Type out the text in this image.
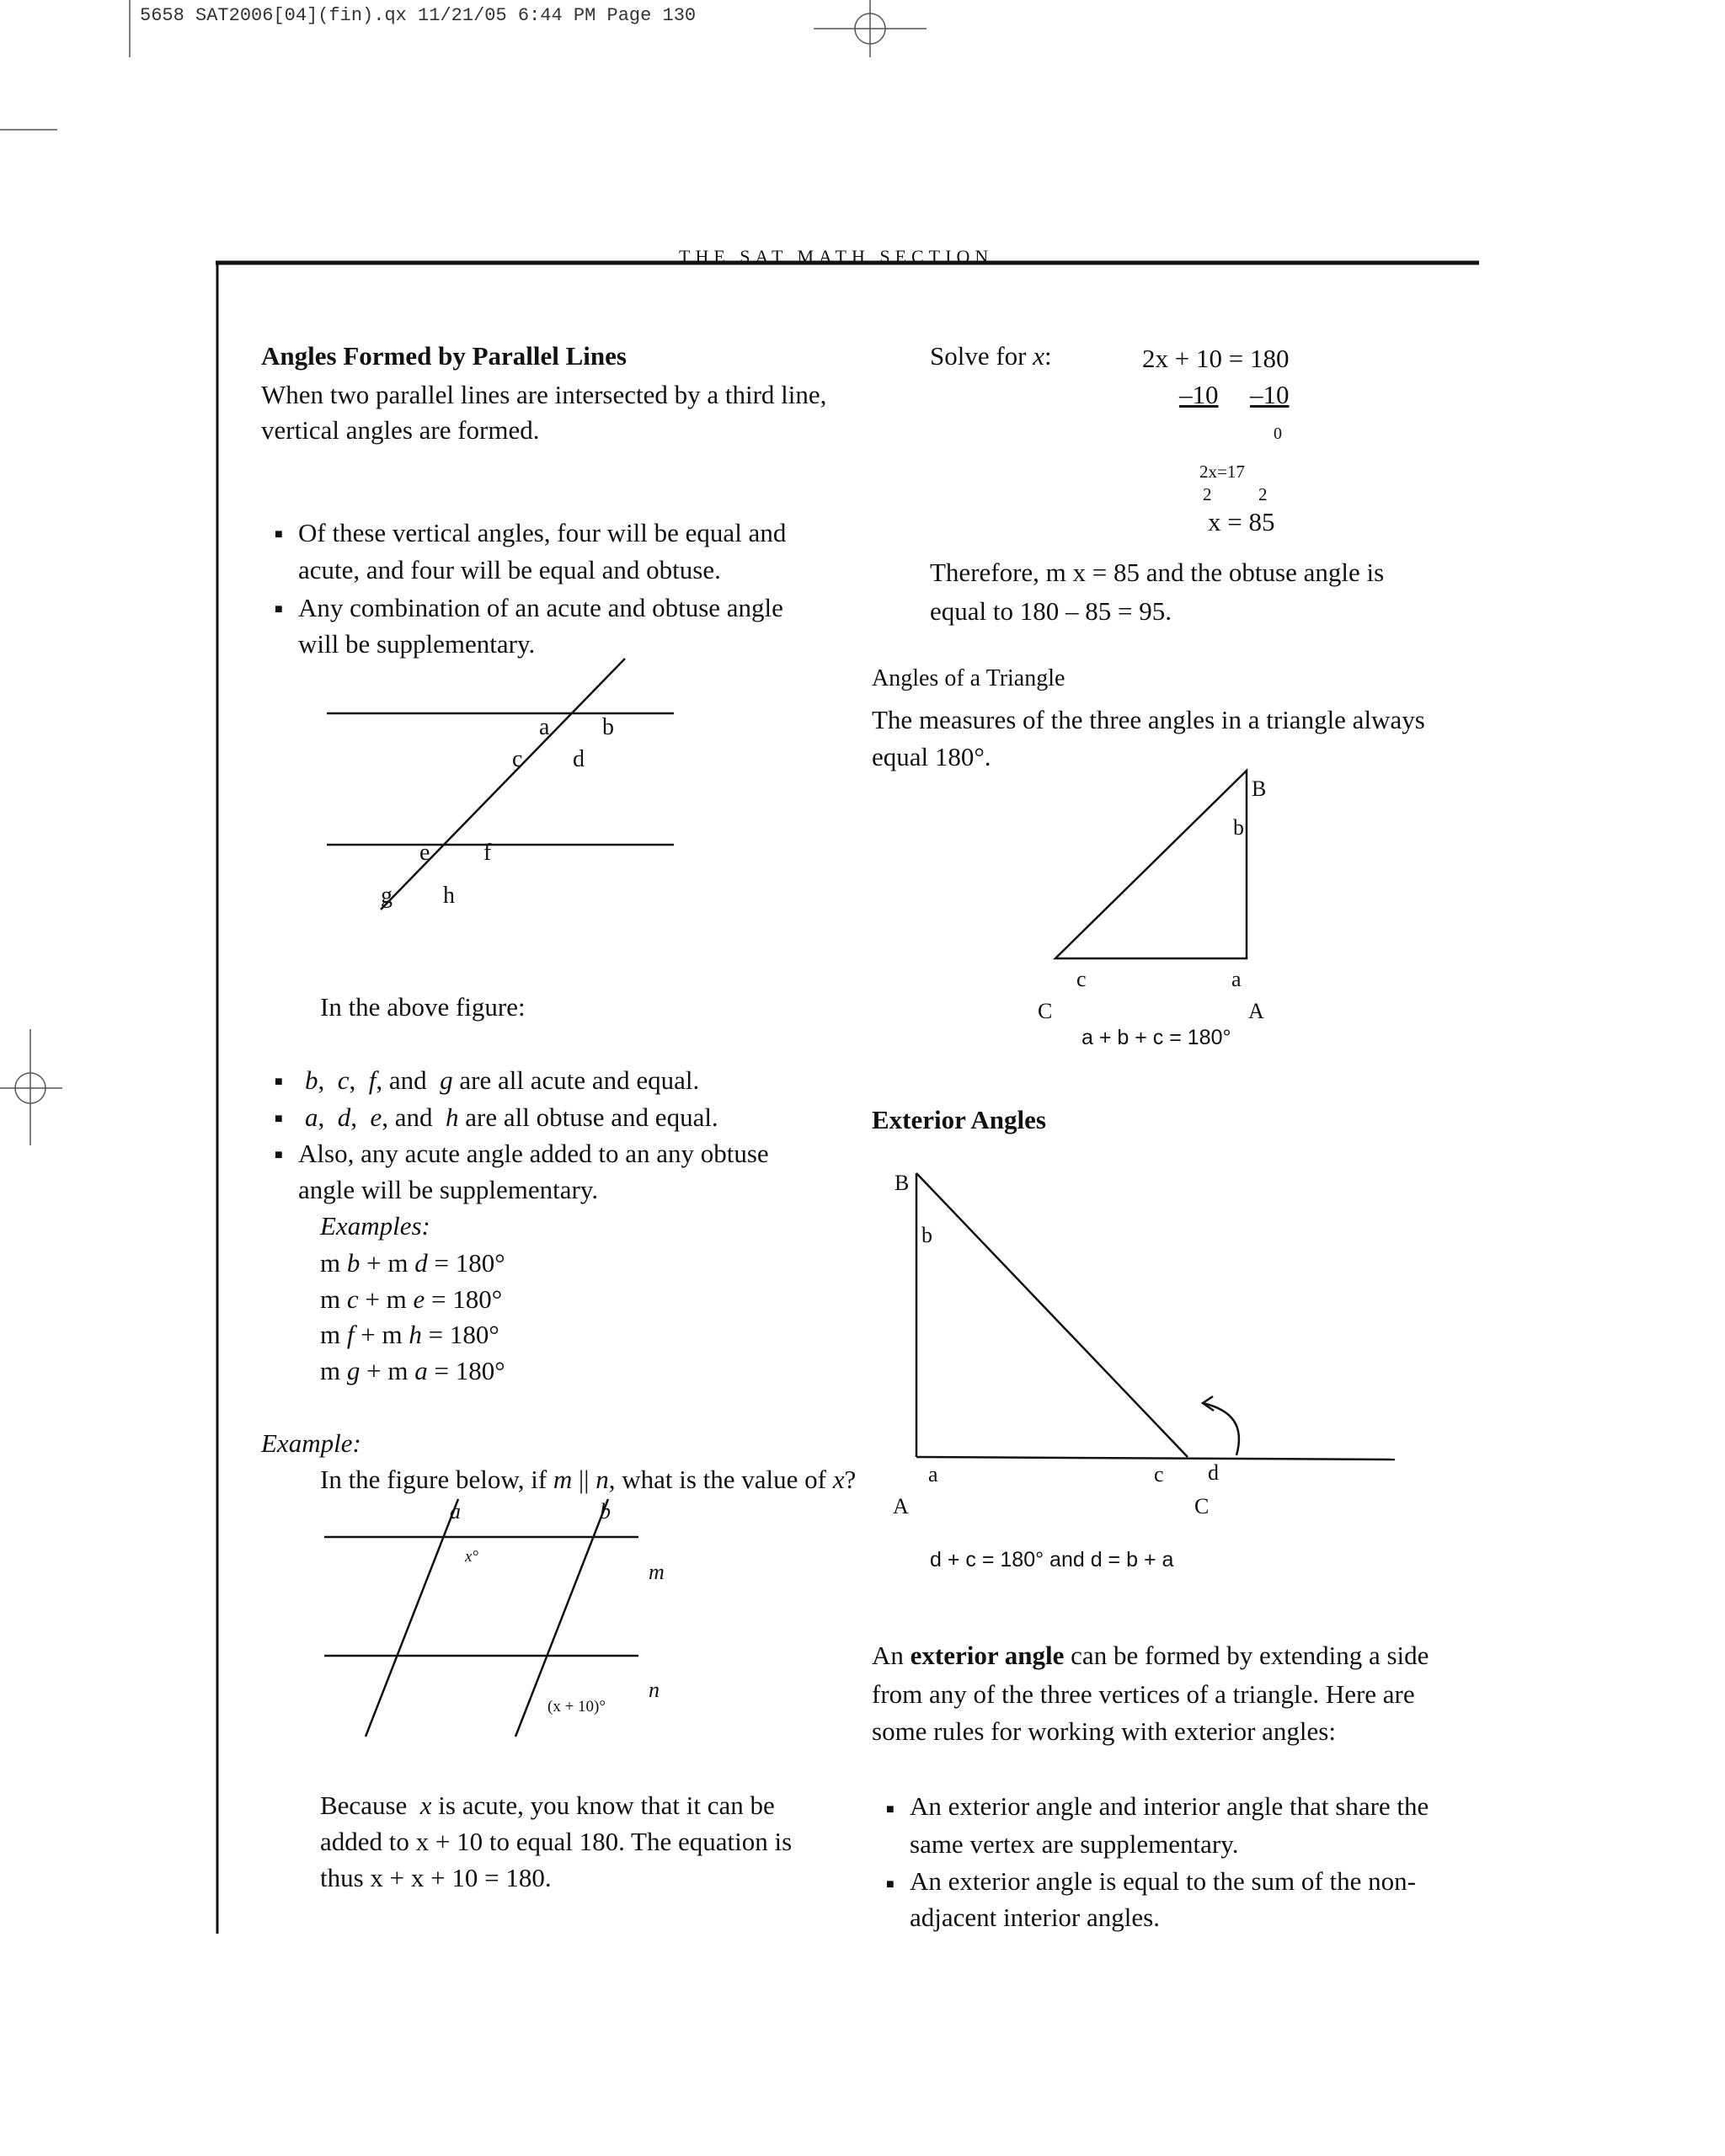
5658 SAT2006[04](fin).qx 11/21/05 6:44 PM Page 130
THE SAT MATH SECTION
Angles Formed by Parallel Lines
When two parallel lines are intersected by a third line,
vertical angles are formed.
■ Of these vertical angles, four will be equal and
acute, and four will be equal and obtuse.
■ Any combination of an acute and obtuse angle
will be supplementary.
a b
c d
e f
g h
In the above figure:
■ b,  c,  f, and g are all acute and equal.
■ a,  d,  e, and h are all obtuse and equal.
■ Also, any acute angle added to an any obtuse
angle will be supplementary.
Examples:
m b + m d = 180°
m c + m e = 180°
m f + m h = 180°
m g + m a = 180°
Example:
In the figure below, if m || n, what is the value of x?
a	b
x°
m
n
(x + 10)°
Because x is acute, you know that it can be
added to x + 10 to equal 180. The equation is
thus x + x + 10 = 180.
Solve for x:	2x + 10 = 180
–10 –10
0
2x=17
2	2
x = 85
Therefore, m x = 85 and the obtuse angle is
equal to 180 – 85 = 95.
Angles of a Triangle
The measures of the three angles in a triangle always
equal 180°.
B
b
c	a
C	A
a + b + c = 180°
Exterior Angles
B
b
a	c d
A	C
d + c = 180° and d = b + a
An exterior angle can be formed by extending a side
from any of the three vertices of a triangle. Here are
some rules for working with exterior angles:
■ An exterior angle and interior angle that share the
same vertex are supplementary.
■ An exterior angle is equal to the sum of the non-
adjacent interior angles.
